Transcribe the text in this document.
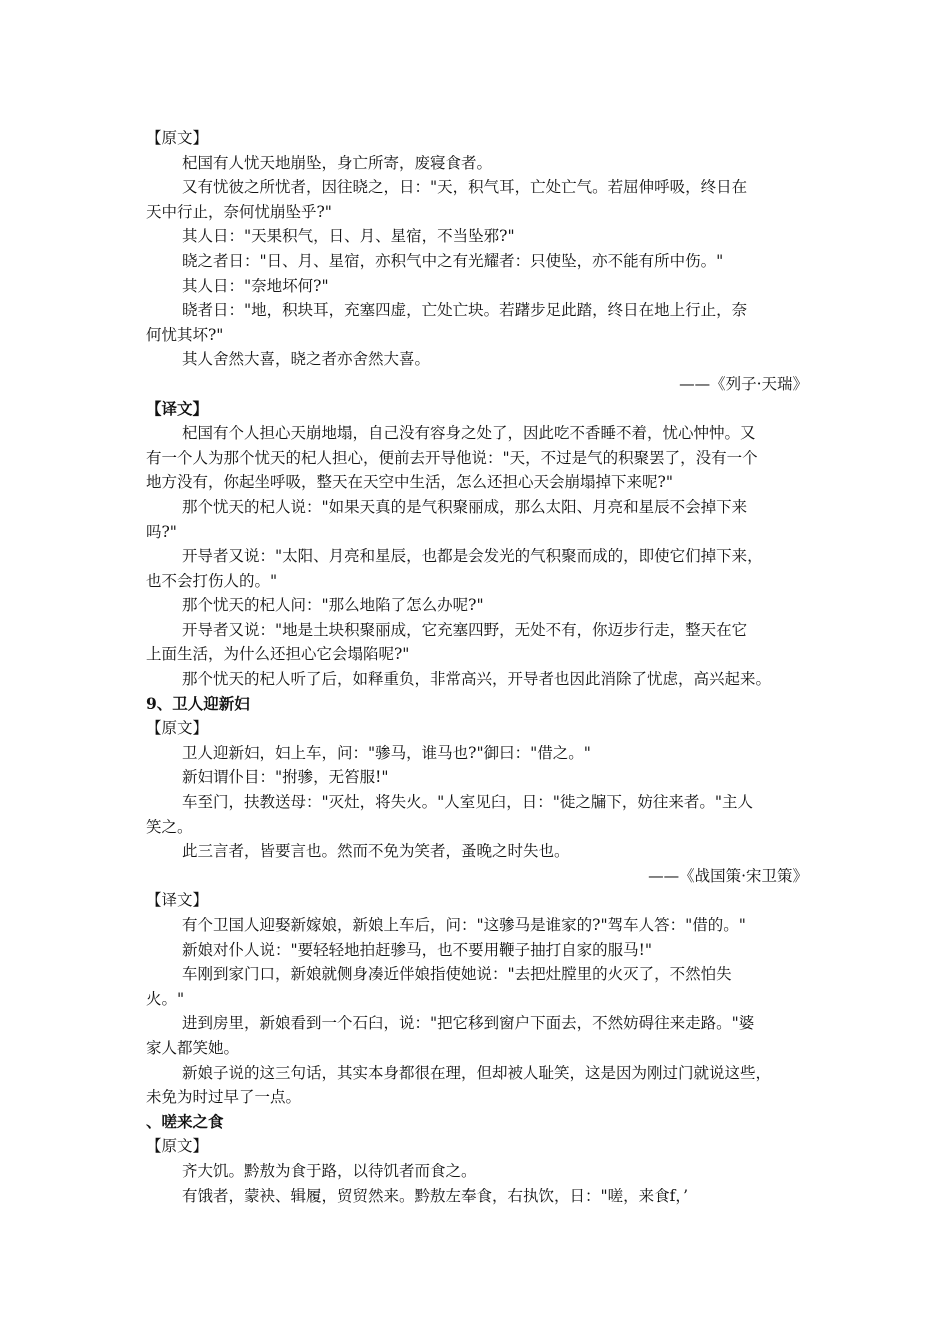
【原文】
杞国有人忧天地崩坠，身亡所寄，废寝食者。
又有忧彼之所忧者，因往晓之，日："天，积气耳，亡处亡气。若屈伸呼吸，终日在
天中行止，奈何忧崩坠乎?"
其人日："天果积气，日、月、星宿，不当坠邪?"
晓之者日："日、月、星宿，亦积气中之有光耀者：只使坠，亦不能有所中伤。"
其人日："奈地坏何?"
晓者日："地，积块耳，充塞四虚，亡处亡块。若躇步足此踏，终日在地上行止，奈
何忧其坏?"
其人舍然大喜，晓之者亦舍然大喜。
——《列子·天瑞》
【译文】
杞国有个人担心天崩地塌，自己没有容身之处了，因此吃不香睡不着，忧心忡忡。又
有一个人为那个忧天的杞人担心，便前去开导他说："天，不过是气的积聚罢了，没有一个
地方没有，你起坐呼吸，整天在天空中生活，怎么还担心天会崩塌掉下来呢?"
那个忧天的杞人说："如果天真的是气积聚丽成，那么太阳、月亮和星辰不会掉下来
吗?"
开导者又说："太阳、月亮和星辰，也都是会发光的气积聚而成的，即使它们掉下来，
也不会打伤人的。"
那个忧天的杞人问："那么地陷了怎么办呢?"
开导者又说："地是土块积聚丽成，它充塞四野，无处不有，你迈步行走，整天在它
上面生活，为什么还担心它会塌陷呢?"
那个忧天的杞人听了后，如释重负，非常高兴，开导者也因此消除了忧虑，高兴起来。
9、卫人迎新妇
【原文】
卫人迎新妇，妇上车，问："骖马，谁马也?"御曰："借之。"
新妇谓仆目："拊骖，无笞服!"
车至门，扶教送母："灭灶，将失火。"人室见臼，日："徙之牖下，妨往来者。"主人
笑之。
此三言者，皆要言也。然而不免为笑者，蚤晚之时失也。
——《战国策·宋卫策》
【译文】
有个卫国人迎娶新嫁娘，新娘上车后，问："这骖马是谁家的?"驾车人答："借的。"
新娘对仆人说："要轻轻地拍赶骖马，也不要用鞭子抽打自家的服马!"
车刚到家门口，新娘就侧身凑近伴娘指使她说："去把灶膛里的火灭了，不然怕失
火。"
进到房里，新娘看到一个石臼，说："把它移到窗户下面去，不然妨碍往来走路。"婆
家人都笑她。
新娘子说的这三句话，其实本身都很在理，但却被人耻笑，这是因为刚过门就说这些，
未免为时过早了一点。
、嗟来之食
【原文】
齐大饥。黔敖为食于路，以待饥者而食之。
有饿者，蒙袂、辑履，贸贸然来。黔敖左奉食，右执饮，日："嗟，来食f，’
